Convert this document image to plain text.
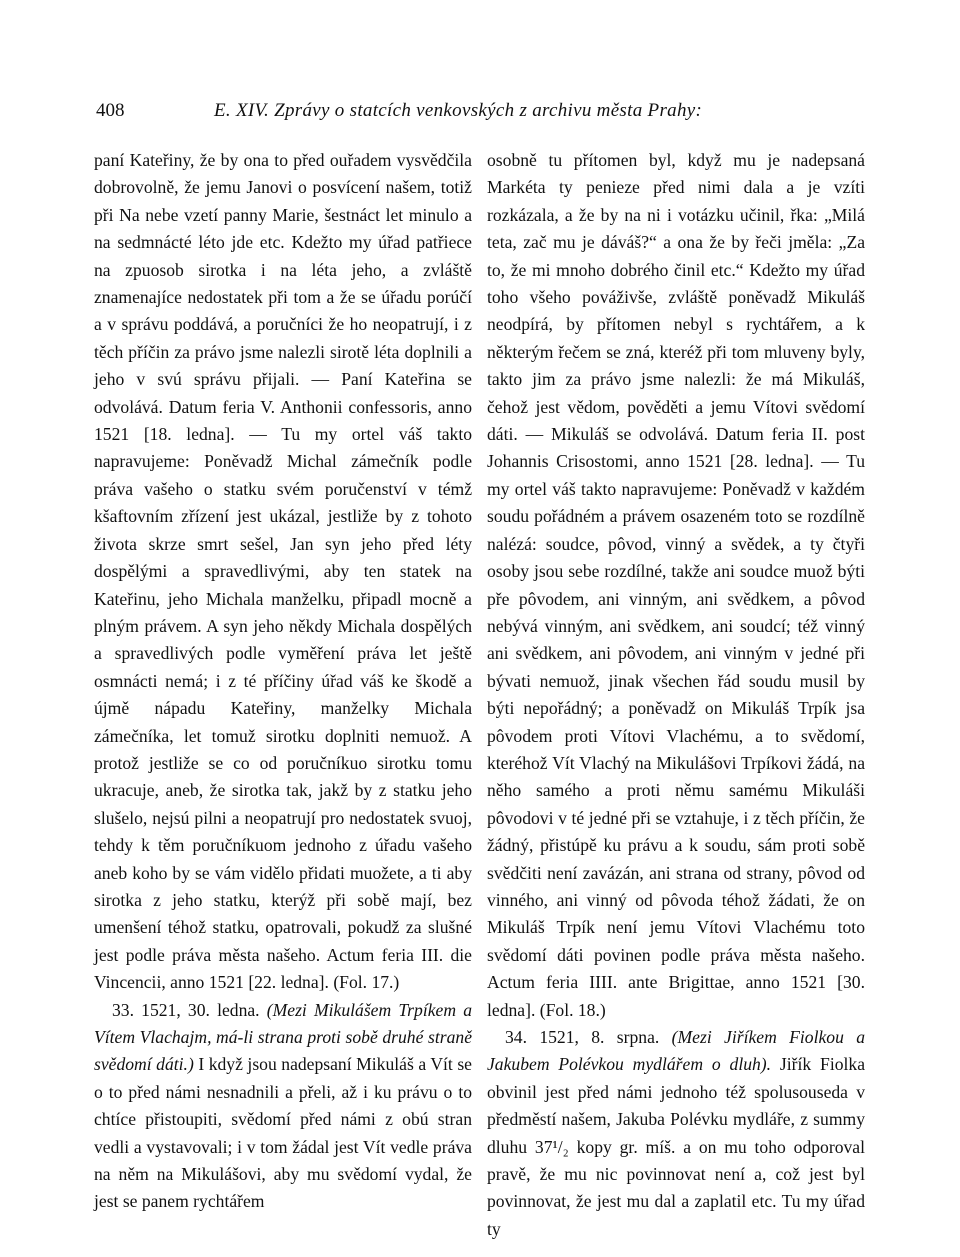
408	E. XIV. Zprávy o statcích venkovských z archivu města Prahy:

paní Kateřiny, že by ona to před ouřadem vysvědčila dobrovolně, že jemu Janovi o posvícení našem, totiž při Na nebe vzetí panny Marie, šestnáct let minulo a na sedmnácté léto jde etc. Kdežto my úřad patřiece na zpuosob sirotka i na léta jeho, a zvláště znamenajíce nedostatek při tom a že se úřadu porúčí a v správu poddává, a poručníci že ho neopatrují, i z těch příčin za právo jsme nalezli sirotě léta doplnili a jeho v svú správu přijali. — Paní Kateřina se odvolává. Datum feria V. Anthonii confessoris, anno 1521 [18. ledna]. — Tu my ortel váš takto napravujeme: Poněvadž Michal zámečník podle práva vašeho o statku svém poručenství v témž kšaftovním zřízení jest ukázal, jestliže by z tohoto života skrze smrt sešel, Jan syn jeho před léty dospělými a spravedlivými, aby ten statek na Kateřinu, jeho Michala manželku, připadl mocně a plným právem. A syn jeho někdy Michala dospělých a spravedlivých podle vyměření práva let ještě osmnácti nemá; i z té příčiny úřad váš ke škodě a újmě nápadu Kateřiny, manželky Michala zámečníka, let tomuž sirotku doplniti nemuož. A protož jestliže se co od poručníkuo sirotku tomu ukracuje, aneb, že sirotka tak, jakž by z statku jeho slušelo, nejsú pilni a neopatrují pro nedostatek svuoj, tehdy k těm poručníkuom jednoho z úřadu vašeho aneb koho by se vám vidělo přidati muožete, a ti aby sirotka z jeho statku, kterýž při sobě mají, bez umenšení téhož statku, opatrovali, pokudž za slušné jest podle práva města našeho. Actum feria III. die Vincencii, anno 1521 [22. ledna]. (Fol. 17.)

33. 1521, 30. ledna. (Mezi Mikulášem Trpíkem a Vítem Vlachajm, má-li strana proti sobě druhé straně svědomí dáti.) I když jsou nadepsaní Mikuláš a Vít se o to před námi nesnadnili a přeli, až i ku právu o to chtíce přistoupiti, svědomí před námi z obú stran vedli a vystavovali; i v tom žádal jest Vít vedle práva na něm na Mikulášovi, aby mu svědomí vydal, že jest se panem rychtářem

osobně tu přítomen byl, když mu je nadepsaná Markéta ty penieze před nimi dala a je vzíti rozkázala, a že by na ni i votázku učinil, řka: „Milá teta, zač mu je dáváš?“ a ona že by řeči jměla: „Za to, že mi mnoho dobrého činil etc.“ Kdežto my úřad toho všeho pováživše, zvláště poněvadž Mikuláš neodpírá, by přítomen nebyl s rychtářem, a k některým řečem se zná, kteréž při tom mluveny byly, takto jim za právo jsme nalezli: že má Mikuláš, čehož jest vědom, pověděti a jemu Vítovi svědomí dáti. — Mikuláš se odvolává. Datum feria II. post Johannis Crisostomi, anno 1521 [28. ledna]. — Tu my ortel váš takto napravujeme: Poněvadž v každém soudu pořádném a právem osazeném toto se rozdílně nalézá: soudce, pôvod, vinný a svědek, a ty čtyři osoby jsou sebe rozdílné, takže ani soudce muož býti pře pôvodem, ani vinným, ani svědkem, a pôvod nebývá vinným, ani svědkem, ani soudcí; též vinný ani svědkem, ani pôvodem, ani vinným v jedné při bývati nemuož, jinak všechen řád soudu musil by býti nepořádný; a poněvadž on Mikuláš Trpík jsa pôvodem proti Vítovi Vlachému, a to svědomí, kteréhož Vít Vlachý na Mikulášovi Trpíkovi žádá, na něho samého a proti němu samému Mikuláši pôvodovi v té jedné při se vztahuje, i z těch příčin, že žádný, přistúpě ku právu a k soudu, sám proti sobě svědčiti není zavázán, ani strana od strany, pôvod od vinného, ani vinný od pôvoda téhož žádati, že on Mikuláš Trpík není jemu Vítovi Vlachému toto svědomí dáti povinen podle práva města našeho. Actum feria IIII. ante Brigittae, anno 1521 [30. ledna]. (Fol. 18.)

34. 1521, 8. srpna. (Mezi Jiříkem Fiolkou a Jakubem Polévkou mydlářem o dluh). Jiřík Fiolka obvinil jest před námi jednoho též spolusouseda v předměstí našem, Jakuba Polévku mydláře, z summy dluhu 37¹/₂ kopy gr. míš. a on mu toho odporoval pravě, že mu nic povinnovat není a, což jest byl povinnovat, že jest mu dal a zaplatil etc. Tu my úřad ty
